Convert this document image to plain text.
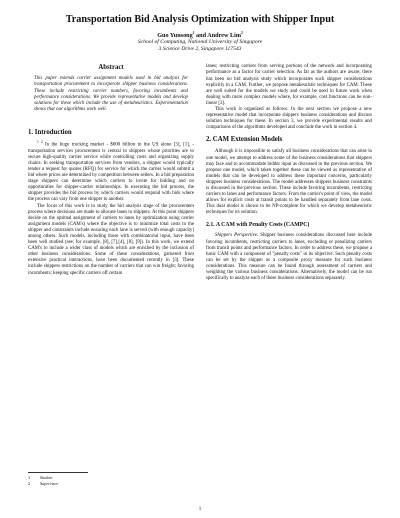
Transportation Bid Analysis Optimization with Shipper Input
Guo Yunsong$^1$ and Andrew Lim$^2$
School of Computing, National University of Singapore
3 Science Drive 2, Singapore 117543
Abstract
This paper extends carrier assignment models used in bid analysis for transportation procurement to incorporate shipper business considerations. These include restricting carrier numbers, favoring incumbents and performance considerations. We provide representative models and develop solutions for these which include the use of metaheuristics. Experimentation shows that our algorithms work well.
1. Introduction

$^{1 2}$ In the huge trucking market - $600 billion in the US alone [3], [1], - transportation services procurement is central to shippers whose priorities are to secure high-quality carrier service while controlling costs and organizing supply chains. In seeking transportation services from vendors, a shipper would typically tender a request for quotes (RFQ) for service for which the carrier would submit a bid where prices are determined by competition between sellers. In a bid preparation stage shippers can determine which carriers to invite for bidding and on opportunities for shipper-carrier relationships. In executing the bid process, the shipper provides the bid process by which carriers would respond with bids where the process can vary from one shipper to another.

The focus of this work is to study the bid analysis stage of the procurement process where decisions are made to allocate lanes to shippers. At this point shippers decide on the optimal assignment of carriers to lanes by optimization using carrier assignment models (CAM's) where the objective is to minimize total costs to the shipper and constraints include ensuring each lane is served (with enough capacity) among others. Such models, including those with combinatorial input, have been been well studied (see, for example, [8], [7],[4], [8], [9]). In this work, we extend CAM's to include a wider class of models which are enriched by the inclusion of other business considerations. Some of these considerations, garnered from extensive practical interactions, have been documented recently in [3]. These include shippers restrictions on the number of carriers that can win freight; favoring incumbents; keeping specific carriers off certain

lanes; restricting carriers from serving portions of the network and incorporating performance as a factor for carrier selection. As far as the authors are aware, there has been no bid analysis study which incorporates such shipper considerations explicitly in a CAM. Further, we propose metaheuristic techniques for CAM. These are well suited for the models we study and could be used in future work when dealing with more complex models where, for example, cost functions can be non-linear [3].

This work is organized as follows: In the next section we propose a new representative model that incorporate shippers business considerations and discuss solution techniques for these. In section 3, we provide experimental results and comparisons of the algorithms developed and conclude the work in section 4.

2. CAM Extension Models

Although it is impossible to satisfy all business considerations that can arise in one model, we attempt to address some of the business considerations that shippers may face and to accommodate bidder input as discussed in the previous section. We propose one model, which taken together these can be viewed as representative of models that can be developed to address these important concerns, particularly shippers business considerations. The model addresses shippers business constraints is discussed in the previous section. These include favoring incumbents, restricting carriers to lanes and performance factors. From the carrier's point of view, the model allows for explicit costs at transit points to be handled separately from lane costs. This dual model is shown to be NP-complete for which we develop metaheuristic techniques for its solution.

2.1. A CAM with Penalty Costs (CAMPC)

Shippers Perspective. Shipper business considerations discussed here include favoring incumbents, restricting carriers to lanes, excluding or penalizing carriers from transit points and performance factors. In order to address these, we propose a basic CAM with a component of "penalty costs" in its objective. Such penalty costs can be set by the shipper as a composite proxy measure for such business considerations. This measure can be found through assessment of carriers and weighting the various business considerations. Alternatively, the model can be run specifically to analyze each of these business considerations separately.

1 Student
2 Supervisor
1
